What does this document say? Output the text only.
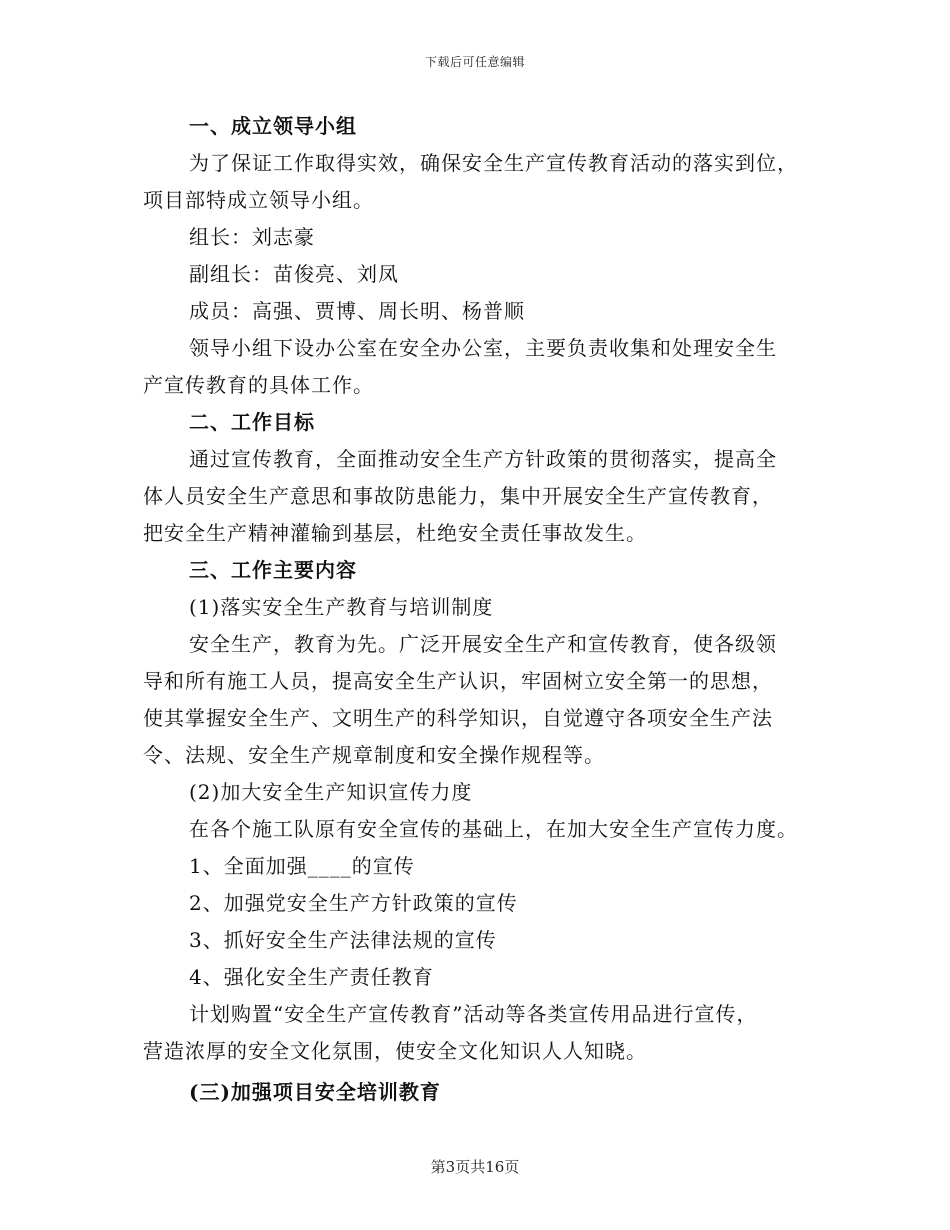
下载后可任意编辑
一、成立领导小组
为了保证工作取得实效，确保安全生产宣传教育活动的落实到位，
项目部特成立领导小组。
组长：刘志豪
副组长：苗俊亮、刘凤
成员：高强、贾博、周长明、杨普顺
领导小组下设办公室在安全办公室，主要负责收集和处理安全生
产宣传教育的具体工作。
二、工作目标
通过宣传教育，全面推动安全生产方针政策的贯彻落实，提高全
体人员安全生产意思和事故防患能力，集中开展安全生产宣传教育，
把安全生产精神灌输到基层，杜绝安全责任事故发生。
三、工作主要内容
(1)落实安全生产教育与培训制度
安全生产，教育为先。广泛开展安全生产和宣传教育，使各级领
导和所有施工人员，提高安全生产认识，牢固树立安全第一的思想，
使其掌握安全生产、文明生产的科学知识，自觉遵守各项安全生产法
令、法规、安全生产规章制度和安全操作规程等。
(2)加大安全生产知识宣传力度
在各个施工队原有安全宣传的基础上，在加大安全生产宣传力度。
1、全面加强____的宣传
2、加强党安全生产方针政策的宣传
3、抓好安全生产法律法规的宣传
4、强化安全生产责任教育
计划购置“安全生产宣传教育”活动等各类宣传用品进行宣传，
营造浓厚的安全文化氛围，使安全文化知识人人知晓。
(三)加强项目安全培训教育
第3页共16页
